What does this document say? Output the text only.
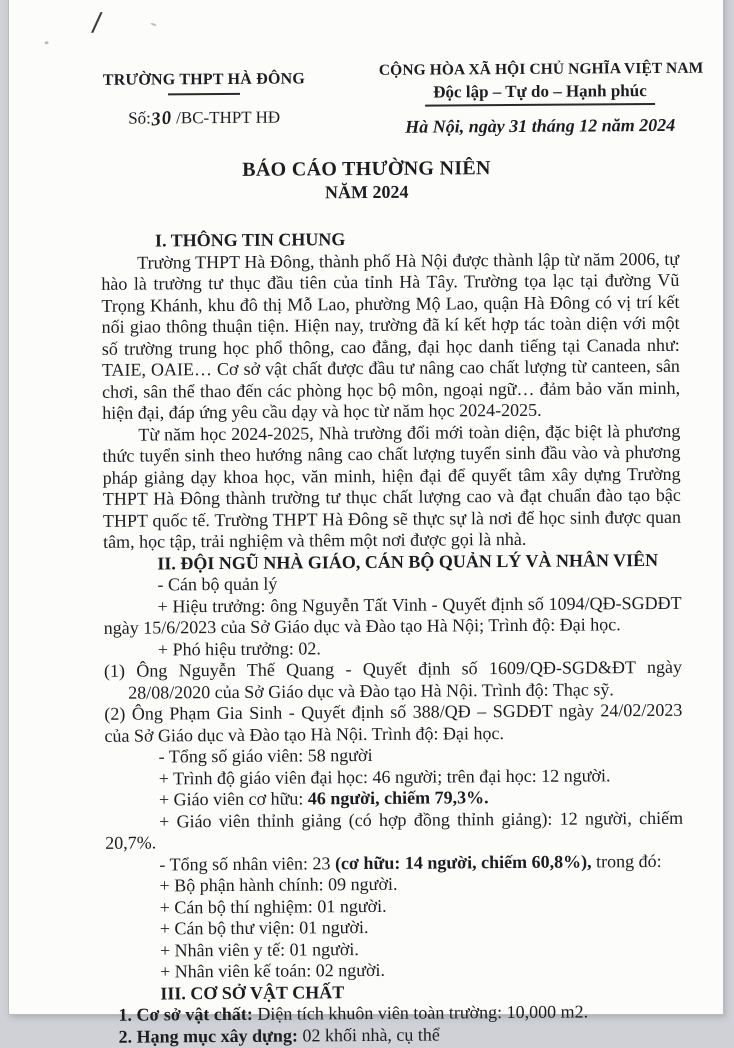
/
TRƯỜNG THPT HÀ ĐÔNG
Số:30 /BC-THPT HĐ
CỘNG HÒA XÃ HỘI CHỦ NGHĨA VIỆT NAM
Độc lập – Tự do – Hạnh phúc
Hà Nội, ngày 31 tháng 12 năm 2024
BÁO CÁO THƯỜNG NIÊN
NĂM 2024

I. THÔNG TIN CHUNG

Trường THPT Hà Đông, thành phố Hà Nội được thành lập từ năm 2006, tự hào là trường tư thục đầu tiên của tỉnh Hà Tây. Trường tọa lạc tại đường Vũ Trọng Khánh, khu đô thị Mỗ Lao, phường Mộ Lao, quận Hà Đông có vị trí kết nối giao thông thuận tiện. Hiện nay, trường đã kí kết hợp tác toàn diện với một số trường trung học phổ thông, cao đẳng, đại học danh tiếng tại Canada như: TAIE, OAIE… Cơ sở vật chất được đầu tư nâng cao chất lượng từ canteen, sân chơi, sân thể thao đến các phòng học bộ môn, ngoại ngữ… đảm bảo văn minh, hiện đại, đáp ứng yêu cầu dạy và học từ năm học 2024-2025.

Từ năm học 2024-2025, Nhà trường đổi mới toàn diện, đặc biệt là phương thức tuyển sinh theo hướng nâng cao chất lượng tuyển sinh đầu vào và phương pháp giảng dạy khoa học, văn minh, hiện đại để quyết tâm xây dựng Trường THPT Hà Đông thành trường tư thục chất lượng cao và đạt chuẩn đào tạo bậc THPT quốc tế. Trường THPT Hà Đông sẽ thực sự là nơi để học sinh được quan tâm, học tập, trải nghiệm và thêm một nơi được gọi là nhà.

II. ĐỘI NGŨ NHÀ GIÁO, CÁN BỘ QUẢN LÝ VÀ NHÂN VIÊN

- Cán bộ quản lý

+ Hiệu trưởng: ông Nguyễn Tất Vinh - Quyết định số 1094/QĐ-SGDĐT ngày 15/6/2023 của Sở Giáo dục và Đào tạo Hà Nội; Trình độ: Đại học.

+ Phó hiệu trưởng: 02.

(1) Ông Nguyễn Thế Quang - Quyết định số 1609/QĐ-SGD&ĐT ngày 28/08/2020 của Sở Giáo dục và Đào tạo Hà Nội. Trình độ: Thạc sỹ.

(2) Ông Phạm Gia Sinh - Quyết định số 388/QĐ – SGDĐT ngày 24/02/2023 của Sở Giáo dục và Đào tạo Hà Nội. Trình độ: Đại học.

- Tổng số giáo viên: 58 người

+ Trình độ giáo viên đại học: 46 người; trên đại học: 12 người.

+ Giáo viên cơ hữu: 46 người, chiếm 79,3%.

+ Giáo viên thỉnh giảng (có hợp đồng thỉnh giảng): 12 người, chiếm 20,7%.

- Tổng số nhân viên: 23 (cơ hữu: 14 người, chiếm 60,8%), trong đó:

+ Bộ phận hành chính: 09 người.

+ Cán bộ thí nghiệm: 01 người.

+ Cán bộ thư viện: 01 người.

+ Nhân viên y tế: 01 người.

+ Nhân viên kế toán: 02 người.

III. CƠ SỞ VẬT CHẤT

1. Cơ sở vật chất: Diện tích khuôn viên toàn trường: 10,000 m2.

2. Hạng mục xây dựng: 02 khối nhà, cụ thể
